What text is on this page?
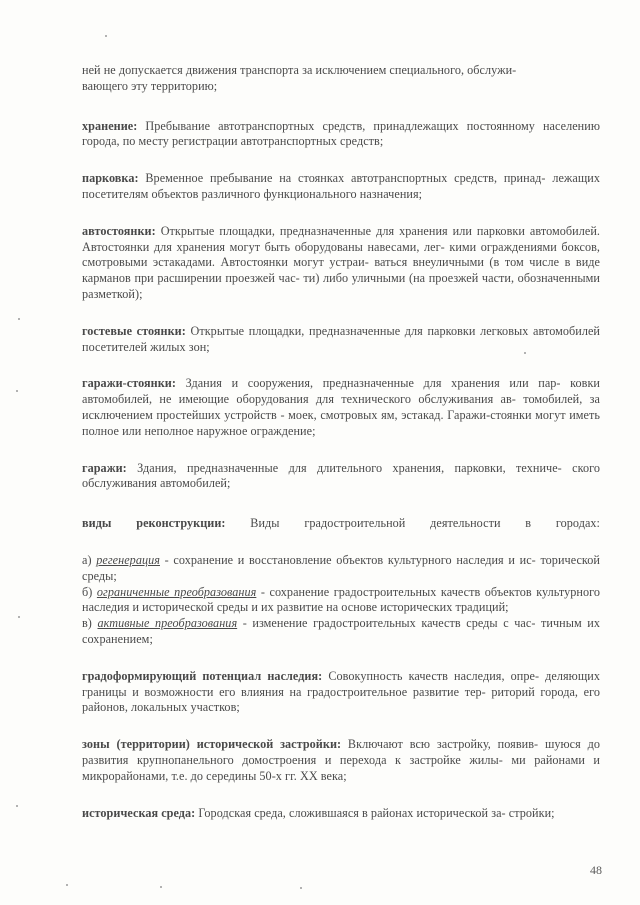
ней не допускается движения транспорта за исключением специального, обслужи-
вающего эту территорию;

хранение: Пребывание автотранспортных средств, принадлежащих постоянному населению города, по месту регистрации автотранспортных средств;

парковка: Временное пребывание на стоянках автотранспортных средств, принад- лежащих посетителям объектов различного функционального назначения;

автостоянки: Открытые площадки, предназначенные для хранения или парковки автомобилей. Автостоянки для хранения могут быть оборудованы навесами, лег- кими ограждениями боксов, смотровыми эстакадами. Автостоянки могут устраи- ваться внеуличными (в том числе в виде карманов при расширении проезжей час- ти) либо уличными (на проезжей части, обозначенными разметкой);

гостевые стоянки: Открытые площадки, предназначенные для парковки легковых автомобилей посетителей жилых зон;

гаражи-стоянки: Здания и сооружения, предназначенные для хранения или пар- ковки автомобилей, не имеющие оборудования для технического обслуживания ав- томобилей, за исключением простейших устройств - моек, смотровых ям, эстакад. Гаражи-стоянки могут иметь полное или неполное наружное ограждение;

гаражи: Здания, предназначенные для длительного хранения, парковки, техниче- ского обслуживания автомобилей;

виды реконструкции: Виды градостроительной деятельности в городах:

а) регенерация - сохранение и восстановление объектов культурного наследия и ис- торической среды;
б) ограниченные преобразования - сохранение градостроительных качеств объектов культурного наследия и исторической среды и их развитие на основе исторических традиций;
в) активные преобразования - изменение градостроительных качеств среды с час- тичным их сохранением;

градоформирующий потенциал наследия: Совокупность качеств наследия, опре- деляющих границы и возможности его влияния на градостроительное развитие тер- риторий города, его районов, локальных участков;

зоны (территории) исторической застройки: Включают всю застройку, появив- шуюся до развития крупнопанельного домостроения и перехода к застройке жилы- ми районами и микрорайонами, т.е. до середины 50-х гг. XX века;

историческая среда: Городская среда, сложившаяся в районах исторической за- стройки;

48
